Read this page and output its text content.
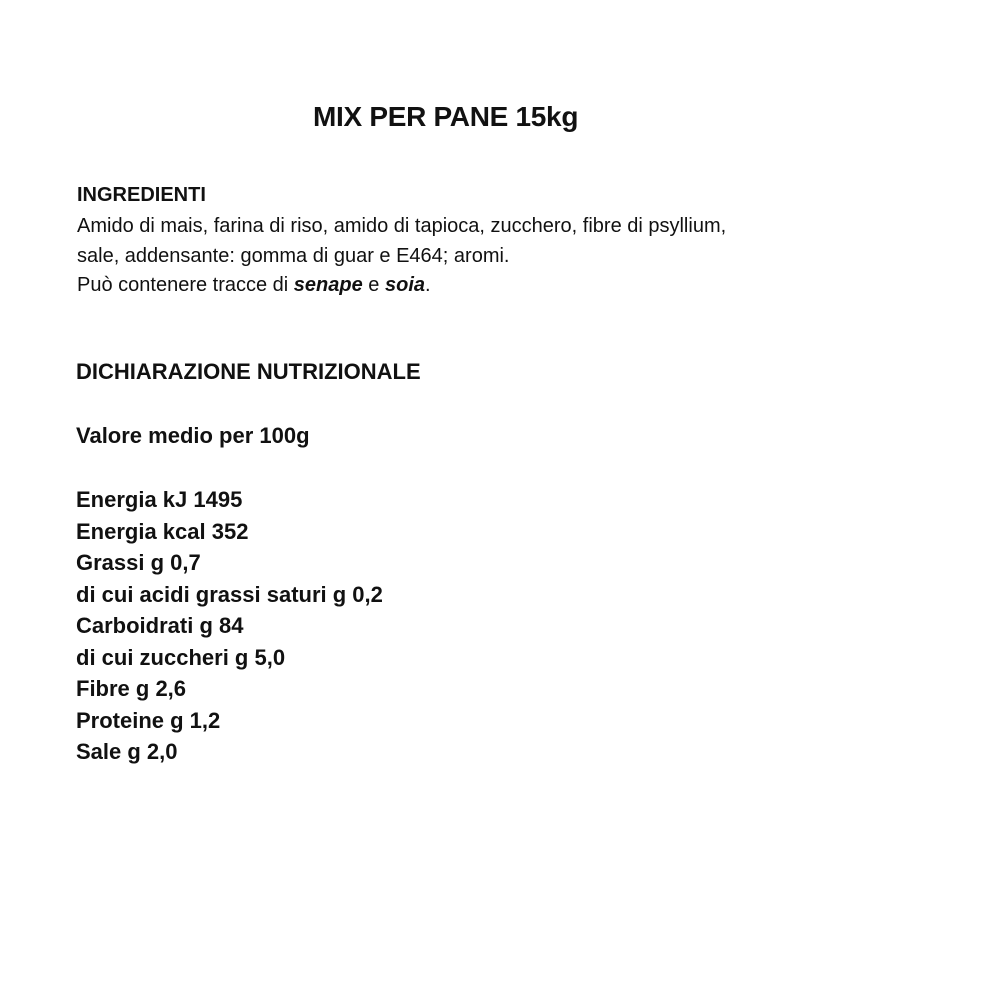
MIX PER PANE 15kg
INGREDIENTI
Amido di mais, farina di riso, amido di tapioca, zucchero, fibre di psyllium,
sale, addensante: gomma di guar e E464; aromi.
Può contenere tracce di senape e soia.
DICHIARAZIONE NUTRIZIONALE
Valore medio per 100g
Energia kJ 1495
Energia kcal 352
Grassi g 0,7
di cui acidi grassi saturi g 0,2
Carboidrati g 84
di cui zuccheri g 5,0
Fibre g 2,6
Proteine g 1,2
Sale g 2,0
